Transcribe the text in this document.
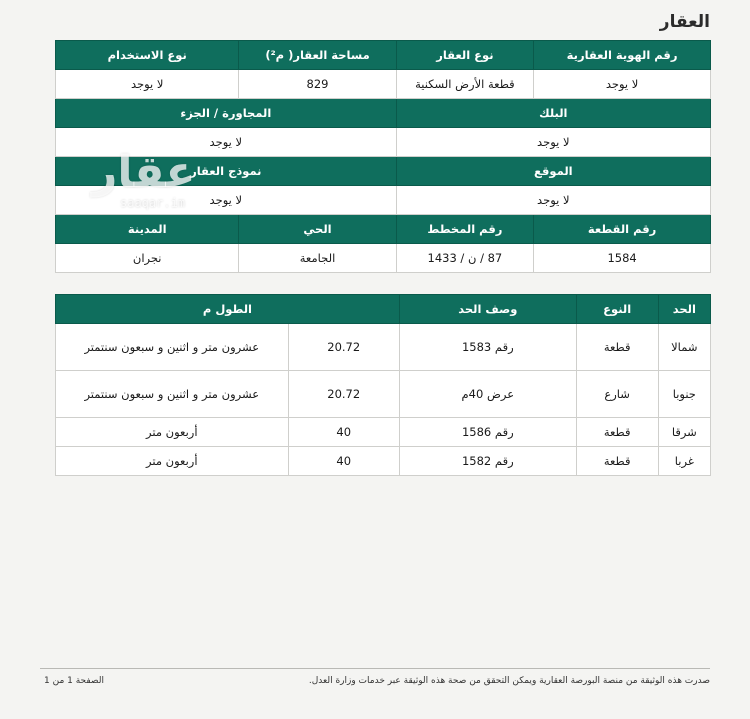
العقار
رقم الهوية العقارية	نوع العقار	مساحة العقار( م²)	نوع الاستخدام
لا يوجد	قطعة الأرض السكنية	829	لا يوجد
البلك		المجاورة / الجزء	
لا يوجد		لا يوجد	
الموقع		نموذج العقار	
لا يوجد		لا يوجد	
رقم القطعة	رقم المخطط	الحي	المدينة
1584	87 / ن / 1433	الجامعة	نجران
الحد	النوع	وصف الحد	الطول م	
شمالا	قطعة	رقم 1583	20.72	عشرون متر و اثنين و سبعون سنتمتر
جنوبا	شارع	عرض 40م	20.72	عشرون متر و اثنين و سبعون سنتمتر
شرقا	قطعة	رقم 1586	40	أربعون متر
غربا	قطعة	رقم 1582	40	أربعون متر
عقار
saaqar.im
صدرت هذه الوثيقة من منصة البورصة العقارية ويمكن التحقق من صحة هذه الوثيقة عبر خدمات وزارة العدل.
الصفحة 1 من 1
